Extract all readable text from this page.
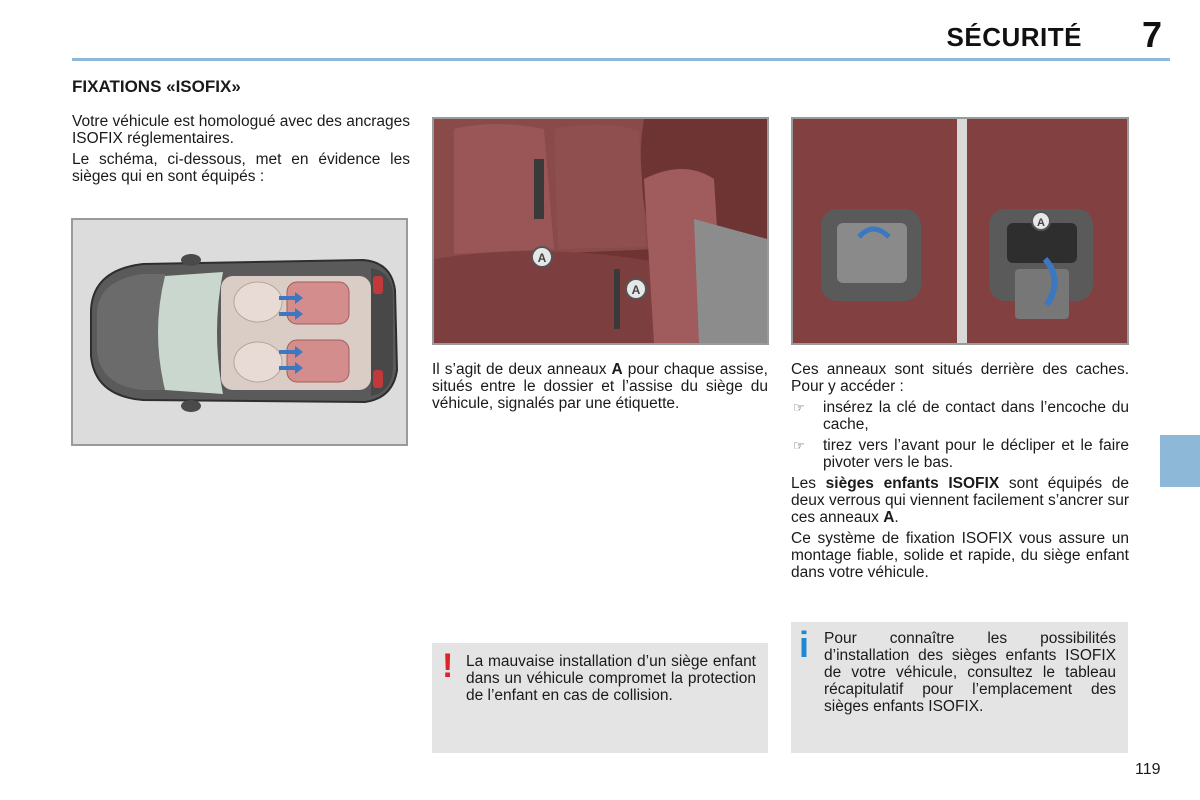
SÉCURITÉ 7
FIXATIONS «ISOFIX»

Votre véhicule est homologué avec des ancrages ISOFIX réglementaires.

Le schéma, ci-dessous, met en évidence les sièges qui en sont équipés :

A
A
A

Il s’agit de deux anneaux A pour chaque assise, situés entre le dossier et l’assise du siège du véhicule, signalés par une étiquette.

Ces anneaux sont situés derrière des caches. Pour y accéder :

☞	insérez la clé de contact dans l’encoche du cache,
☞	tirez vers l’avant pour le décliper et le faire pivoter vers le bas.

Les sièges enfants ISOFIX sont équipés de deux verrous qui viennent facilement s’ancrer sur ces anneaux A.

Ce système de fixation ISOFIX vous assure un montage fiable, solide et rapide, du siège enfant dans votre véhicule.

! La mauvaise installation d’un siège enfant dans un véhicule compromet la protection de l’enfant en cas de collision.
i Pour connaître les possibilités d’installation des sièges enfants ISOFIX de votre véhicule, consultez le tableau récapitulatif pour l’emplacement des sièges enfants ISOFIX.
119
